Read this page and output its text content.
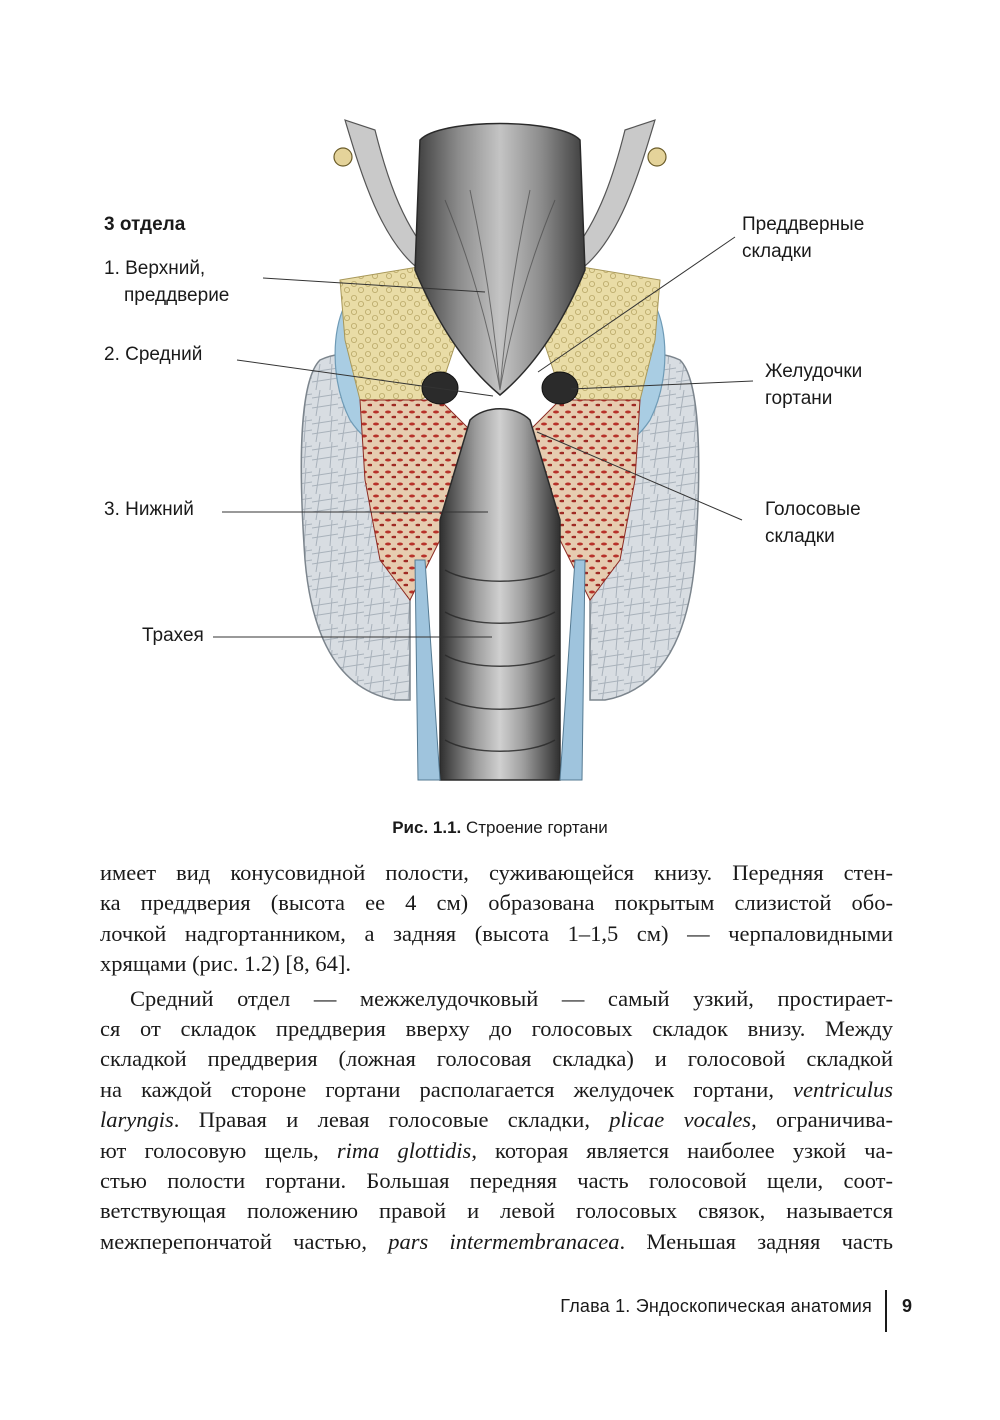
3 отдела
1. Верхний,
преддверие
2. Средний
3. Нижний
Трахея
Преддверные
складки
Желудочки
гортани
Голосовые
складки
Рис. 1.1. Строение гортани

имеет вид конусовидной полости, суживающейся книзу. Передняя стен-

ка преддверия (высота ее 4 см) образована покрытым слизистой обо-

лочкой надгортанником, а задняя (высота 1–1,5 см) — черпаловидными

хрящами (рис. 1.2) [8, 64].

Средний отдел — межжелудочковый — самый узкий, простирает-

ся от складок преддверия вверху до голосовых складок внизу. Между

складкой преддверия (ложная голосовая складка) и голосовой складкой

на каждой стороне гортани располагается желудочек гортани, ventriculus

laryngis. Правая и левая голосовые складки, plicae vocales, ограничива-

ют голосовую щель, rima glottidis, которая является наиболее узкой ча-

стью полости гортани. Большая передняя часть голосовой щели, соот-

ветствующая положению правой и левой голосовых связок, называется

межперепончатой частью, pars intermembranacea. Меньшая задняя часть

Глава 1. Эндоскопическая анатомия 9
